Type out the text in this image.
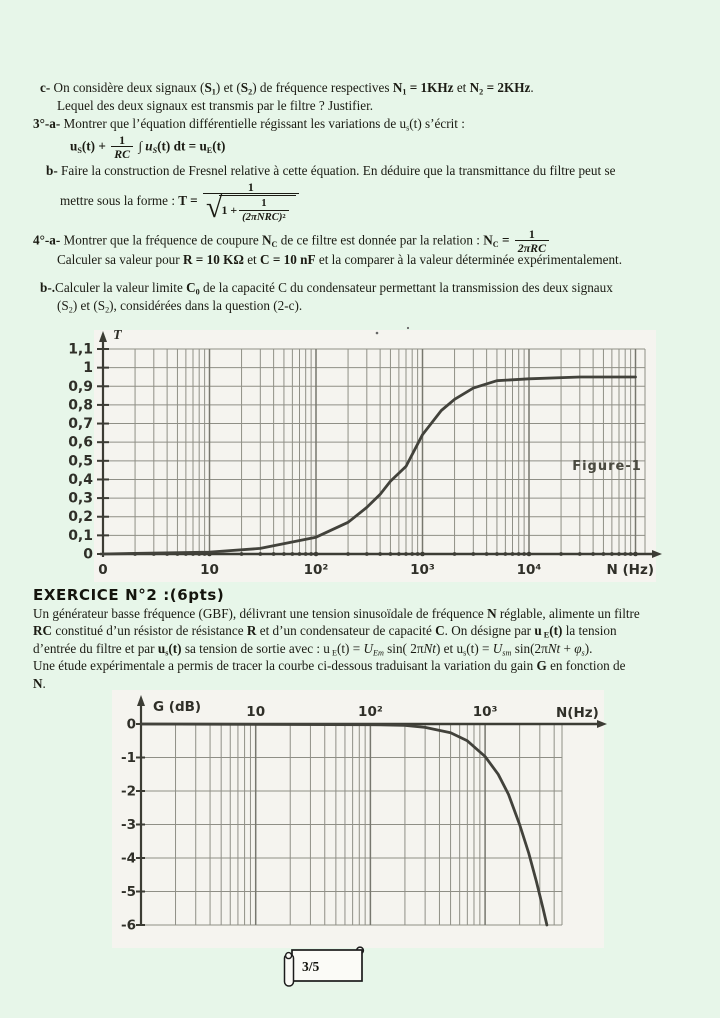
c- On considère deux signaux (S1) et (S2) de fréquence respectives N1 = 1KHz et N2 = 2KHz.
Lequel des deux signaux est transmis par le filtre ? Justifier.
3°-a- Montrer que l’équation différentielle régissant les variations de us(t) s’écrit :
$uS(t) + \frac{1}{RC}$ ∫ uS(t) dt = uE(t)
b- Faire la construction de Fresnel relative à cette équation. En déduire que la transmittance du filtre peut se
mettre sous la forme : T =
1
√ 1 + 1
(2πNRC) 2
4°-a- Montrer que la fréquence de coupure NC de ce filtre est donnée par la relation : NC = 1
2πRC
Calculer sa valeur pour R = 10 KΩ et C = 10 nF et la comparer à la valeur déterminée expérimentalement.
b-.Calculer la valeur limite C0 de la capacité C du condensateur permettant la transmission des deux signaux
(S2) et (S2), considérées dans la question (2-c).
Un générateur basse fréquence (GBF), délivrant une tension sinusoïdale de fréquence N réglable, alimente un filtre
RC constitué d’un résistor de résistance R et d’un condensateur de capacité C. On désigne par u E(t) la tension
d’entrée du filtre et par us(t) sa tension de sortie avec : u E(t) = UEm sin( 2πNt) et us(t) = Usm sin(2πNt + φs).
Une étude expérimentale a permis de tracer la courbe ci-dessous traduisant la variation du gain G en fonction de
N.
EXERCICE N°2 :(6pts)
0
0,1
0,2
0,3
0,4
0,5
0,6
0,7
0,8
0,9
1
1,1
0	10	10²	10³	10⁴	N (Hz)
T
Figure-1
0
-1
-2
-3
-4
-5
-6
10	10²	10³
G (dB)	N(Hz)
3/5
